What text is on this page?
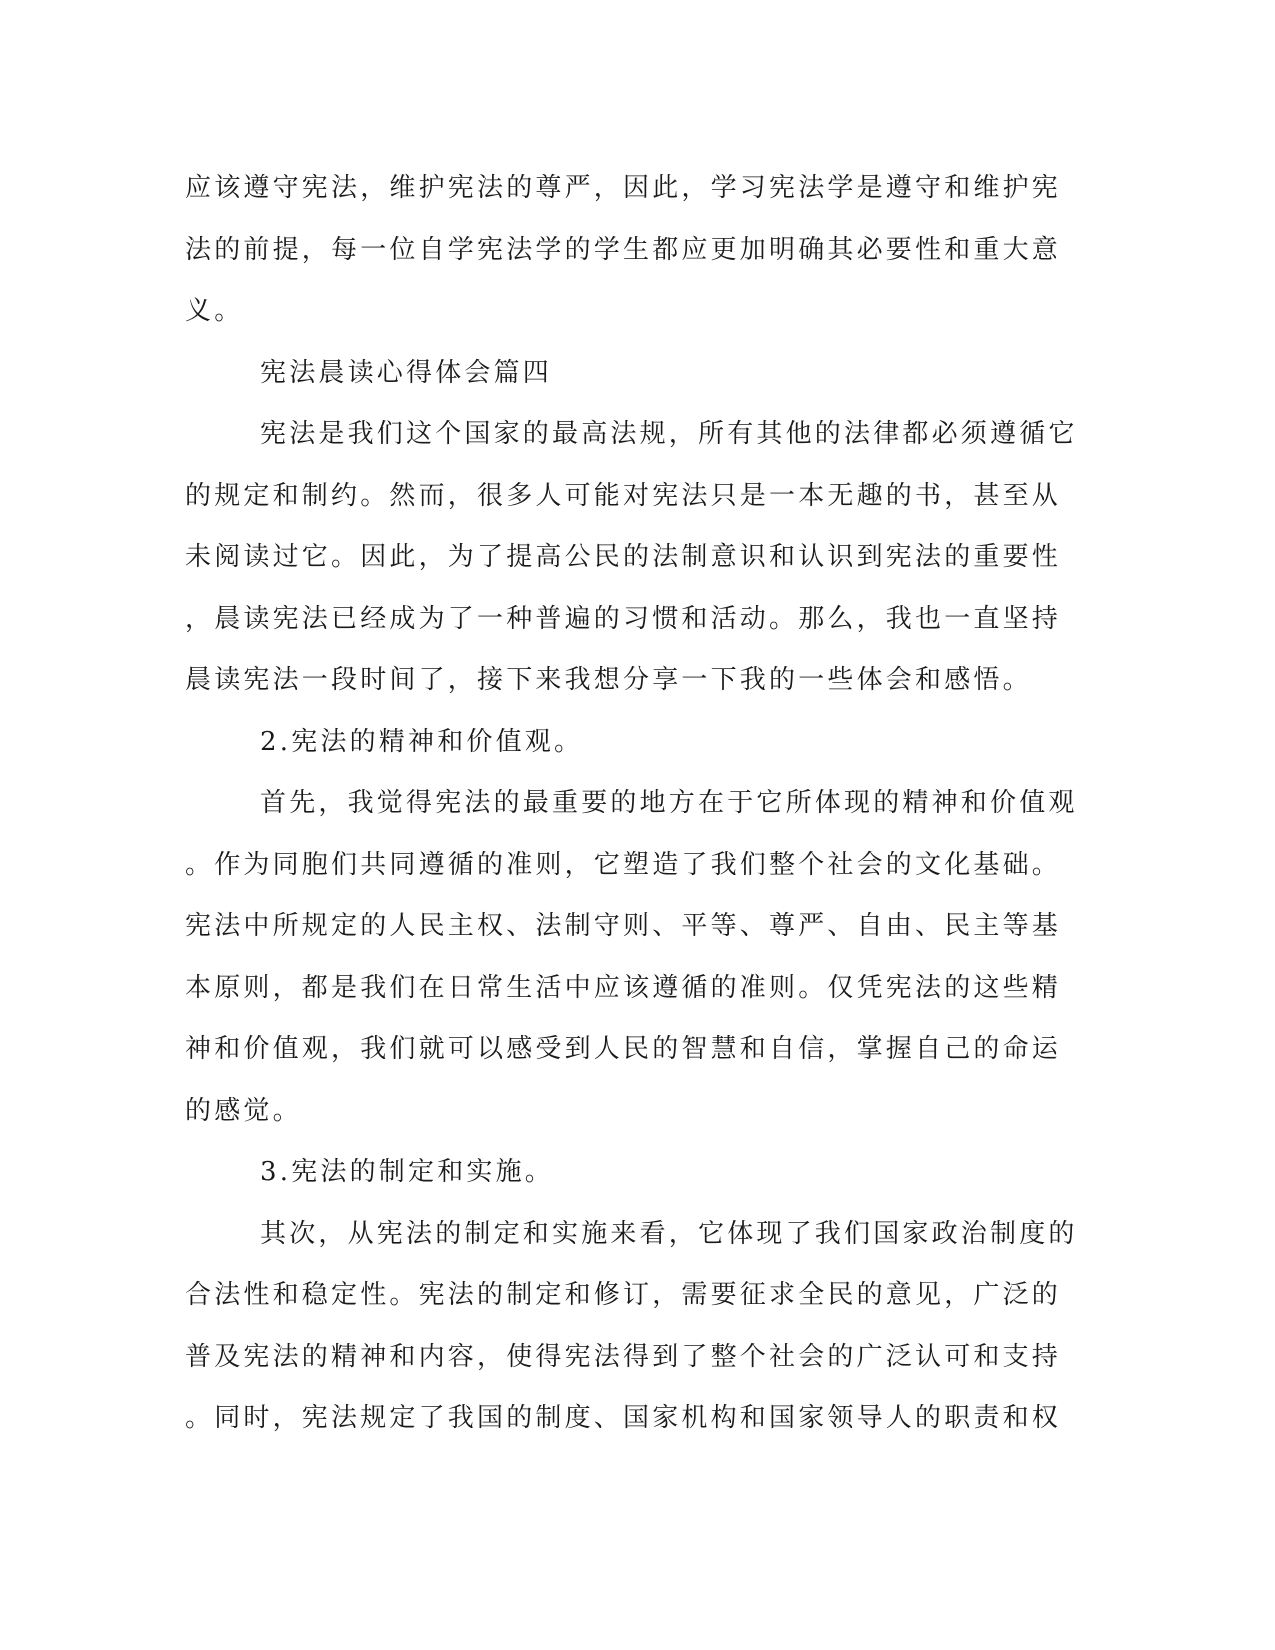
应该遵守宪法，维护宪法的尊严，因此，学习宪法学是遵守和维护宪
法的前提，每一位自学宪法学的学生都应更加明确其必要性和重大意
义。
宪法晨读心得体会篇四
宪法是我们这个国家的最高法规，所有其他的法律都必须遵循它
的规定和制约。然而，很多人可能对宪法只是一本无趣的书，甚至从
未阅读过它。因此，为了提高公民的法制意识和认识到宪法的重要性
，晨读宪法已经成为了一种普遍的习惯和活动。那么，我也一直坚持
晨读宪法一段时间了，接下来我想分享一下我的一些体会和感悟。
2.宪法的精神和价值观。
首先，我觉得宪法的最重要的地方在于它所体现的精神和价值观
。作为同胞们共同遵循的准则，它塑造了我们整个社会的文化基础。
宪法中所规定的人民主权、法制守则、平等、尊严、自由、民主等基
本原则，都是我们在日常生活中应该遵循的准则。仅凭宪法的这些精
神和价值观，我们就可以感受到人民的智慧和自信，掌握自己的命运
的感觉。
3.宪法的制定和实施。
其次，从宪法的制定和实施来看，它体现了我们国家政治制度的
合法性和稳定性。宪法的制定和修订，需要征求全民的意见，广泛的
普及宪法的精神和内容，使得宪法得到了整个社会的广泛认可和支持
。同时，宪法规定了我国的制度、国家机构和国家领导人的职责和权
